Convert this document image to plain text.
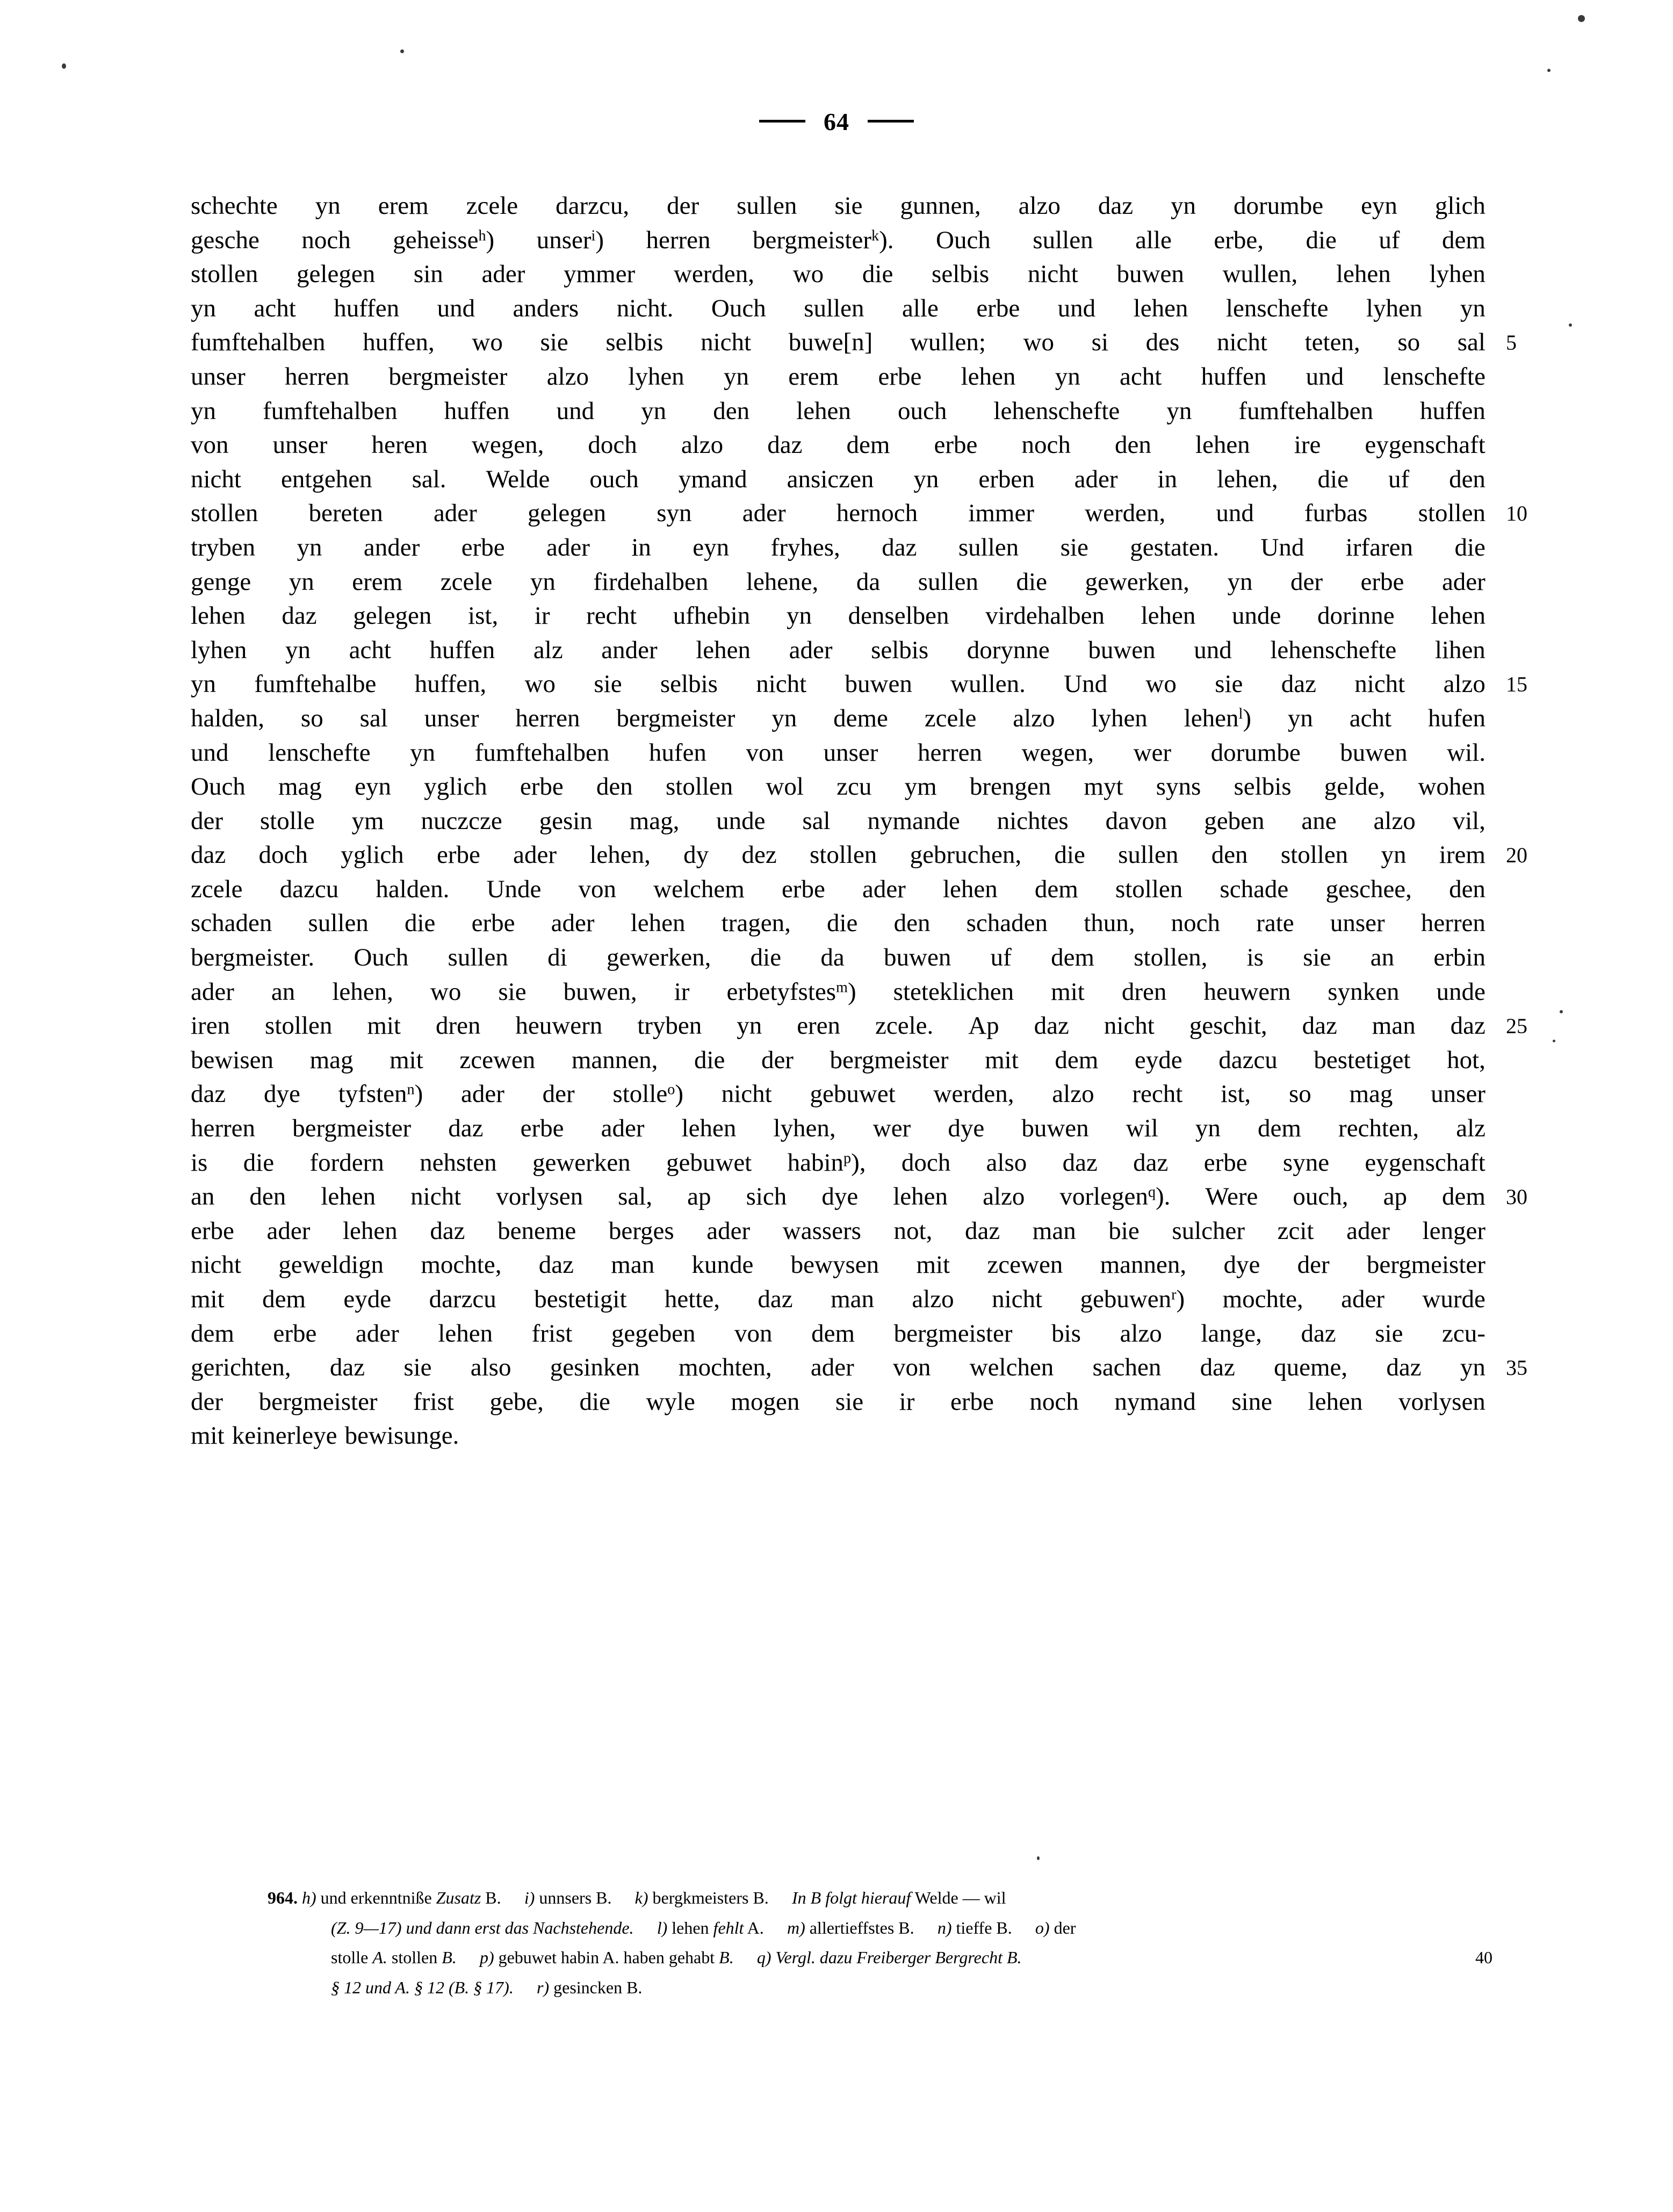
64
schechte yn erem zcele darzcu, der sullen sie gunnen, alzo daz yn dorumbe eyn glich
gesche noch geheisse$^h$) unser$^i$) herren bergmeister$^k$). Ouch sullen alle erbe, die uf dem
stollen gelegen sin ader ymmer werden, wo die selbis nicht buwen wullen, lehen lyhen
yn acht huffen und anders nicht. Ouch sullen alle erbe und lehen lenschefte lyhen yn
fumftehalben huffen, wo sie selbis nicht buwe[n] wullen; wo si des nicht teten, so sal 5
unser herren bergmeister alzo lyhen yn erem erbe lehen yn acht huffen und lenschefte
yn fumftehalben huffen und yn den lehen ouch lehenschefte yn fumftehalben huffen
von unser heren wegen, doch alzo daz dem erbe noch den lehen ire eygenschaft
nicht entgehen sal. Welde ouch ymand ansiczen yn erben ader in lehen, die uf den
stollen bereten ader gelegen syn ader hernoch immer werden, und furbas stollen 10
tryben yn ander erbe ader in eyn fryhes, daz sullen sie gestaten. Und irfaren die
genge yn erem zcele yn firdehalben lehene, da sullen die gewerken, yn der erbe ader
lehen daz gelegen ist, ir recht ufhebin yn denselben virdehalben lehen unde dorinne lehen
lyhen yn acht huffen alz ander lehen ader selbis dorynne buwen und lehenschefte lihen
yn fumftehalbe huffen, wo sie selbis nicht buwen wullen. Und wo sie daz nicht alzo 15
halden, so sal unser herren bergmeister yn deme zcele alzo lyhen lehen$^l$) yn acht hufen
und lenschefte yn fumftehalben hufen von unser herren wegen, wer dorumbe buwen wil.
Ouch mag eyn yglich erbe den stollen wol zcu ym brengen myt syns selbis gelde, wohen
der stolle ym nuczcze gesin mag, unde sal nymande nichtes davon geben ane alzo vil,
daz doch yglich erbe ader lehen, dy dez stollen gebruchen, die sullen den stollen yn irem 20
zcele dazcu halden. Unde von welchem erbe ader lehen dem stollen schade geschee, den
schaden sullen die erbe ader lehen tragen, die den schaden thun, noch rate unser herren
bergmeister. Ouch sullen di gewerken, die da buwen uf dem stollen, is sie an erbin
ader an lehen, wo sie buwen, ir erbetyfstes$^m$) steteklichen mit dren heuwern synken unde
iren stollen mit dren heuwern tryben yn eren zcele. Ap daz nicht geschit, daz man daz 25
bewisen mag mit zcewen mannen, die der bergmeister mit dem eyde dazcu bestetiget hot,
daz dye tyfsten$^n$) ader der stolle$^o$) nicht gebuwet werden, alzo recht ist, so mag unser
herren bergmeister daz erbe ader lehen lyhen, wer dye buwen wil yn dem rechten, alz
is die fordern nehsten gewerken gebuwet habin$^p$), doch also daz daz erbe syne eygenschaft
an den lehen nicht vorlysen sal, ap sich dye lehen alzo vorlegen$^q$). Were ouch, ap dem 30
erbe ader lehen daz beneme berges ader wassers not, daz man bie sulcher zcit ader lenger
nicht geweldign mochte, daz man kunde bewysen mit zcewen mannen, dye der bergmeister
mit dem eyde darzcu bestetigit hette, daz man alzo nicht gebuwen$^r$) mochte, ader wurde
dem erbe ader lehen frist gegeben von dem bergmeister bis alzo lange, daz sie zcu-
gerichten, daz sie also gesinken mochten, ader von welchen sachen daz queme, daz yn 35
der bergmeister frist gebe, die wyle mogen sie ir erbe noch nymand sine lehen vorlysen
mit keinerleye bewisunge.
964. h) und erkenntniße Zusatz B. i) unnsers B. k) bergkmeisters B. In B folgt hierauf Welde — wil
(Z. 9—17) und dann erst das Nachstehende. l) lehen fehlt A. m) allertieffstes B. n) tieffe B. o) der
stolle A. stollen B. p) gebuwet habin A. haben gehabt B. q) Vergl. dazu Freiberger Bergrecht B.	40
§ 12 und A. § 12 (B. § 17). r) gesincken B.
